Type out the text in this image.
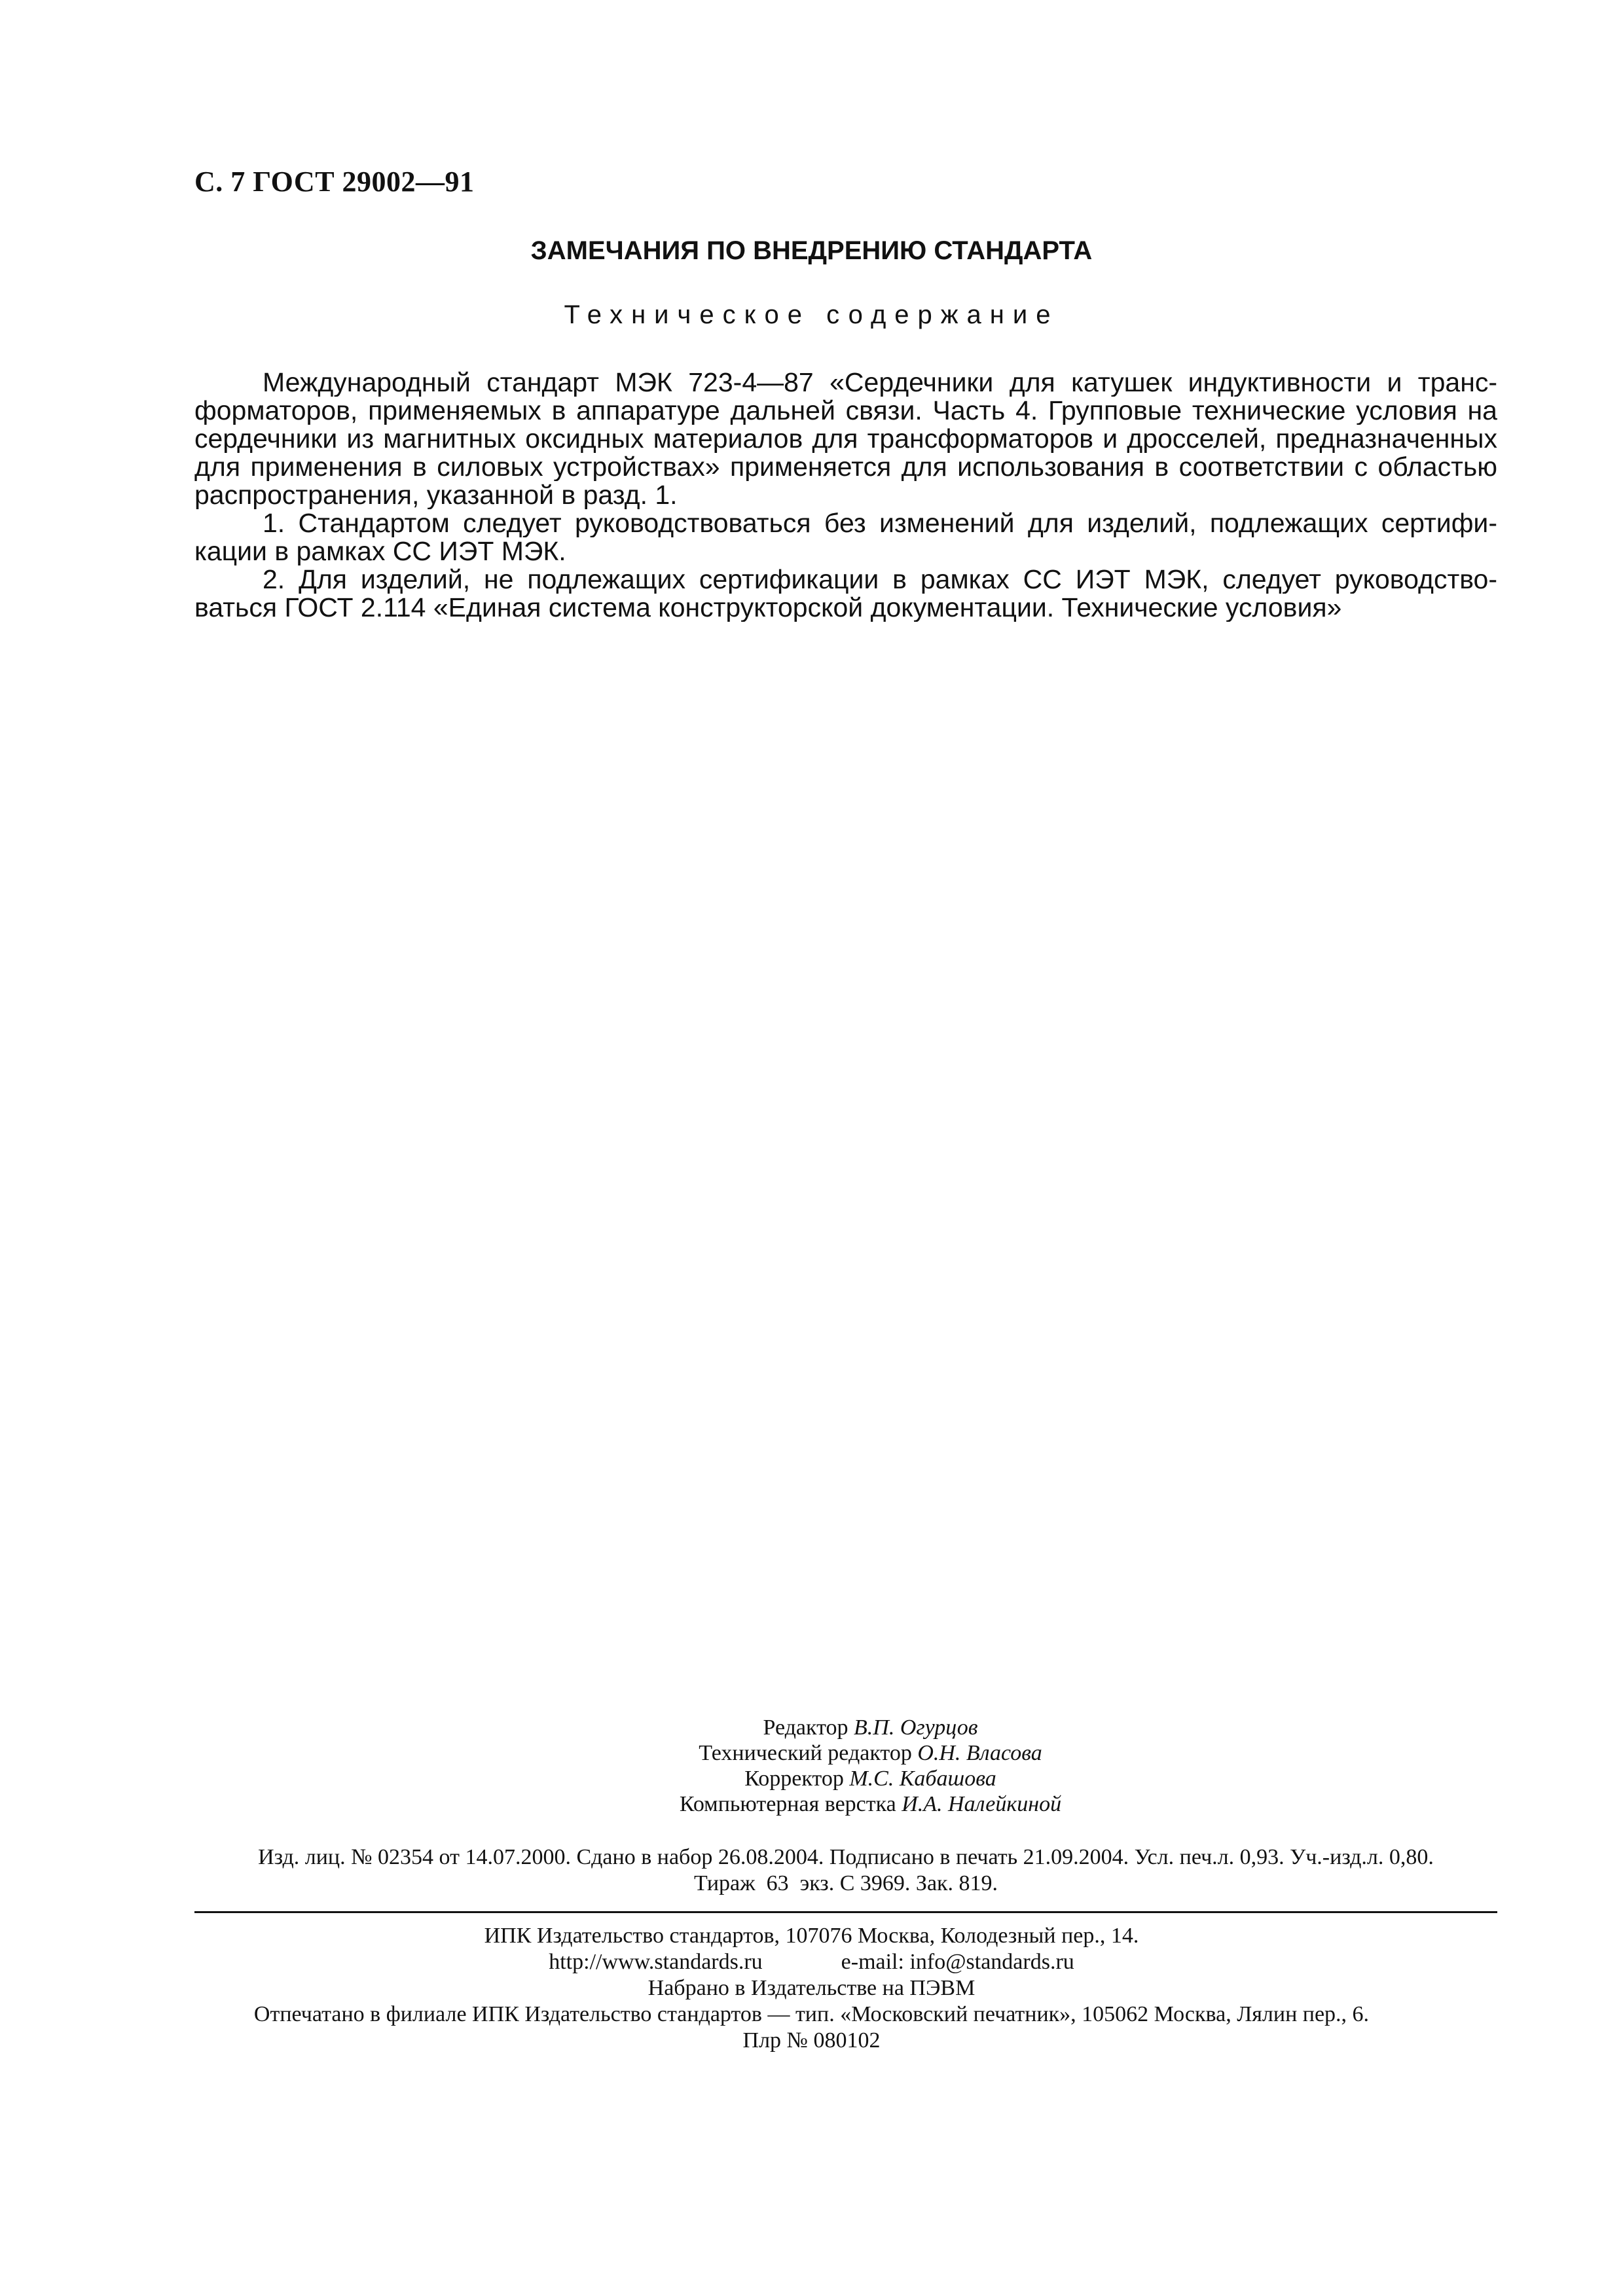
С. 7 ГОСТ 29002—91
ЗАМЕЧАНИЯ ПО ВНЕДРЕНИЮ СТАНДАРТА
Техническое содержание
Международный стандарт МЭК 723-4—87 «Сердечники для катушек индуктивности и транс-
форматоров, применяемых в аппаратуре дальней связи. Часть 4. Групповые технические условия на
сердечники из магнитных оксидных материалов для трансформаторов и дросселей, предназначенных
для применения в силовых устройствах» применяется для использования в соответствии с областью
распространения, указанной в разд. 1.
1. Стандартом следует руководствоваться без изменений для изделий, подлежащих сертифи-
кации в рамках СС ИЭТ МЭК.
2. Для изделий, не подлежащих сертификации в рамках СС ИЭТ МЭК, следует руководство-
ваться ГОСТ 2.114 «Единая система конструкторской документации. Технические условия»
Редактор В.П. Огурцов
Технический редактор О.Н. Власова
Корректор М.С. Кабашова
Компьютерная верстка И.А. Налейкиной
Изд. лиц. № 02354 от 14.07.2000. Сдано в набор 26.08.2004. Подписано в печать 21.09.2004. Усл. печ.л. 0,93. Уч.-изд.л. 0,80.
Тираж  63  экз. С 3969. Зак. 819.
ИПК Издательство стандартов, 107076 Москва, Колодезный пер., 14.
http://www.standards.ru	e-mail: info@standards.ru
Набрано в Издательстве на ПЭВМ
Отпечатано в филиале ИПК Издательство стандартов — тип. «Московский печатник», 105062 Москва, Лялин пер., 6.
Плр № 080102
